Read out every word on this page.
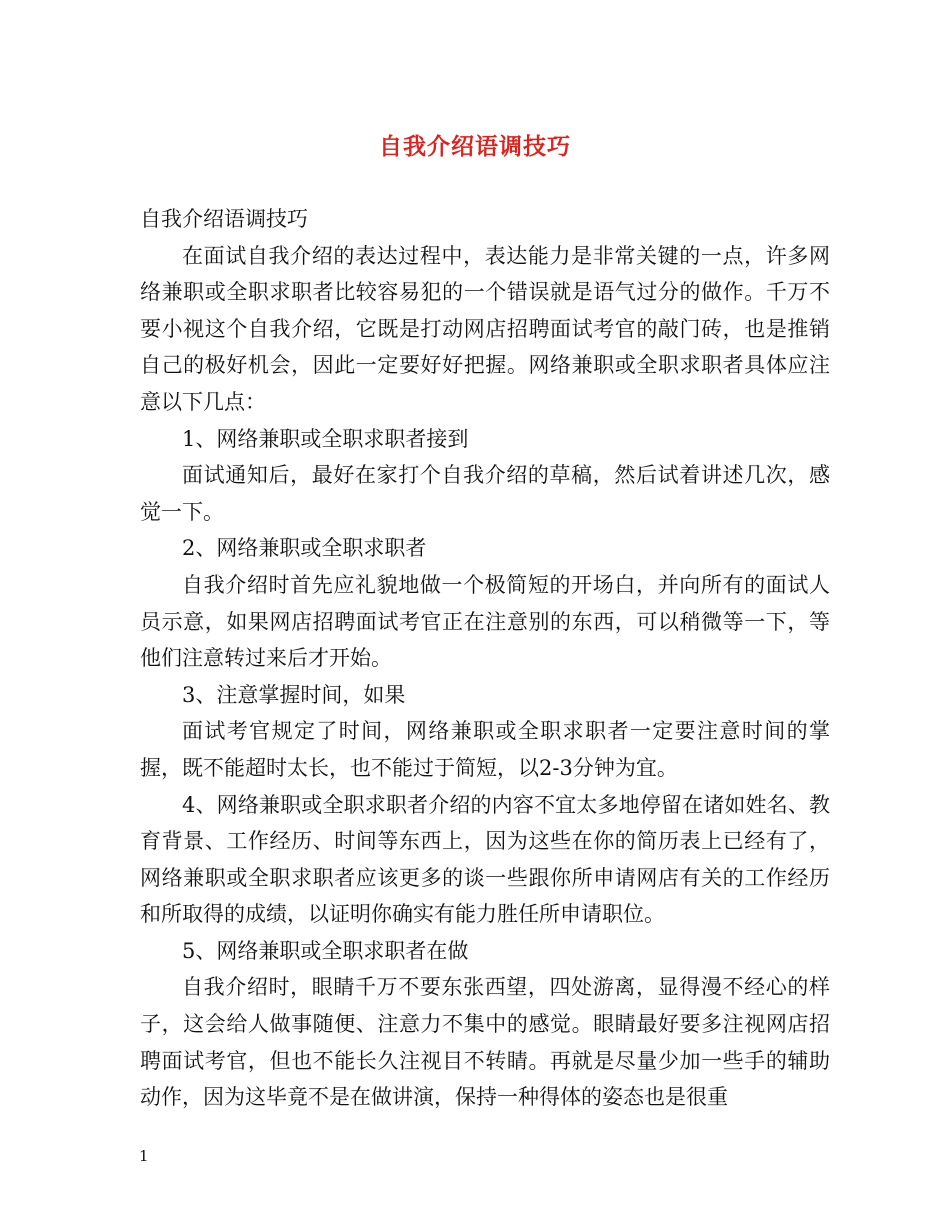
自我介绍语调技巧

自我介绍语调技巧

在面试自我介绍的表达过程中，表达能力是非常关键的一点，许多网络兼职或全职求职者比较容易犯的一个错误就是语气过分的做作。千万不要小视这个自我介绍，它既是打动网店招聘面试考官的敲门砖，也是推销自己的极好机会，因此一定要好好把握。网络兼职或全职求职者具体应注意以下几点：

1、网络兼职或全职求职者接到

面试通知后，最好在家打个自我介绍的草稿，然后试着讲述几次，感觉一下。

2、网络兼职或全职求职者

自我介绍时首先应礼貌地做一个极简短的开场白，并向所有的面试人员示意，如果网店招聘面试考官正在注意别的东西，可以稍微等一下，等他们注意转过来后才开始。

3、注意掌握时间，如果

面试考官规定了时间，网络兼职或全职求职者一定要注意时间的掌握，既不能超时太长，也不能过于简短，以2-3分钟为宜。

4、网络兼职或全职求职者介绍的内容不宜太多地停留在诸如姓名、教育背景、工作经历、时间等东西上，因为这些在你的简历表上已经有了，网络兼职或全职求职者应该更多的谈一些跟你所申请网店有关的工作经历和所取得的成绩，以证明你确实有能力胜任所申请职位。

5、网络兼职或全职求职者在做

自我介绍时，眼睛千万不要东张西望，四处游离，显得漫不经心的样子，这会给人做事随便、注意力不集中的感觉。眼睛最好要多注视网店招聘面试考官，但也不能长久注视目不转睛。再就是尽量少加一些手的辅助动作，因为这毕竟不是在做讲演，保持一种得体的姿态也是很重

1
